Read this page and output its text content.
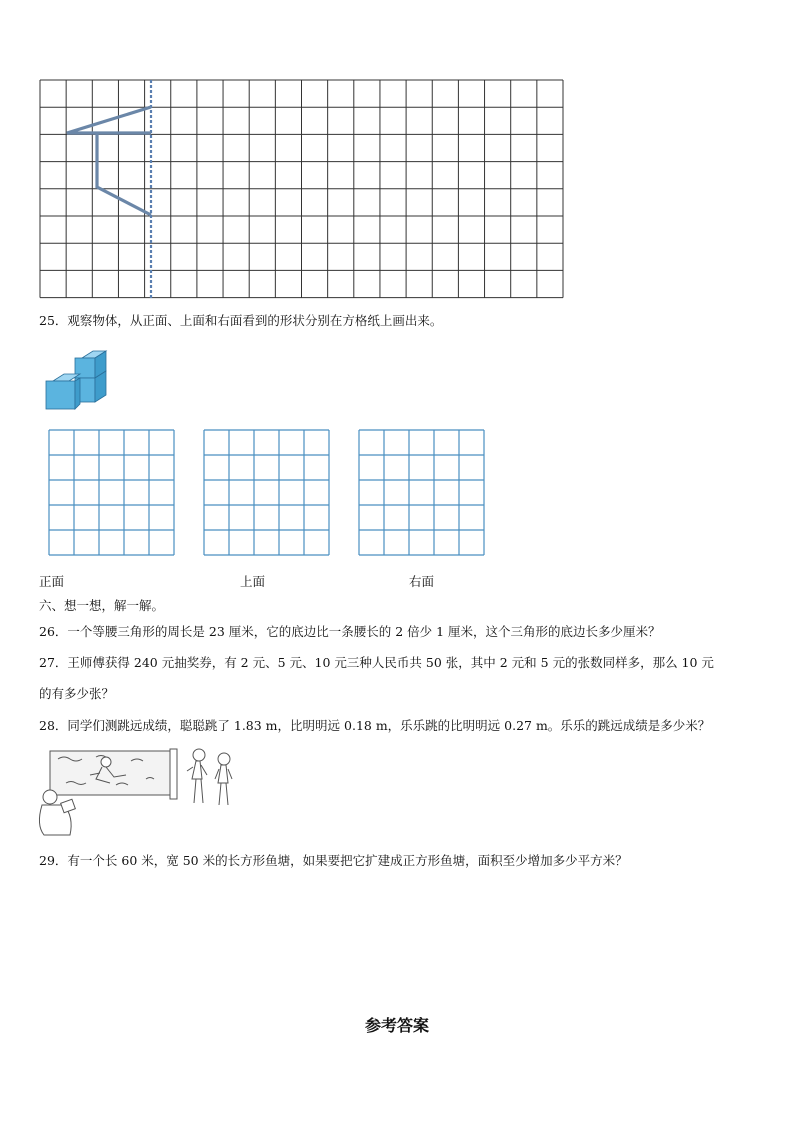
25．观察物体，从正面、上面和右面看到的形状分别在方格纸上画出来。
正面	上面	右面
六、想一想，解一解。
26．一个等腰三角形的周长是 23 厘米，它的底边比一条腰长的 2 倍少 1 厘米，这个三角形的底边长多少厘米？
27．王师傅获得 240 元抽奖券，有 2 元、5 元、10 元三种人民币共 50 张，其中 2 元和 5 元的张数同样多，那么 10 元
的有多少张？
28．同学们测跳远成绩，聪聪跳了 1.83 m，比明明远 0.18 m，乐乐跳的比明明远 0.27 m。乐乐的跳远成绩是多少米？
29．有一个长 60 米，宽 50 米的长方形鱼塘，如果要把它扩建成正方形鱼塘，面积至少增加多少平方米？
参考答案
